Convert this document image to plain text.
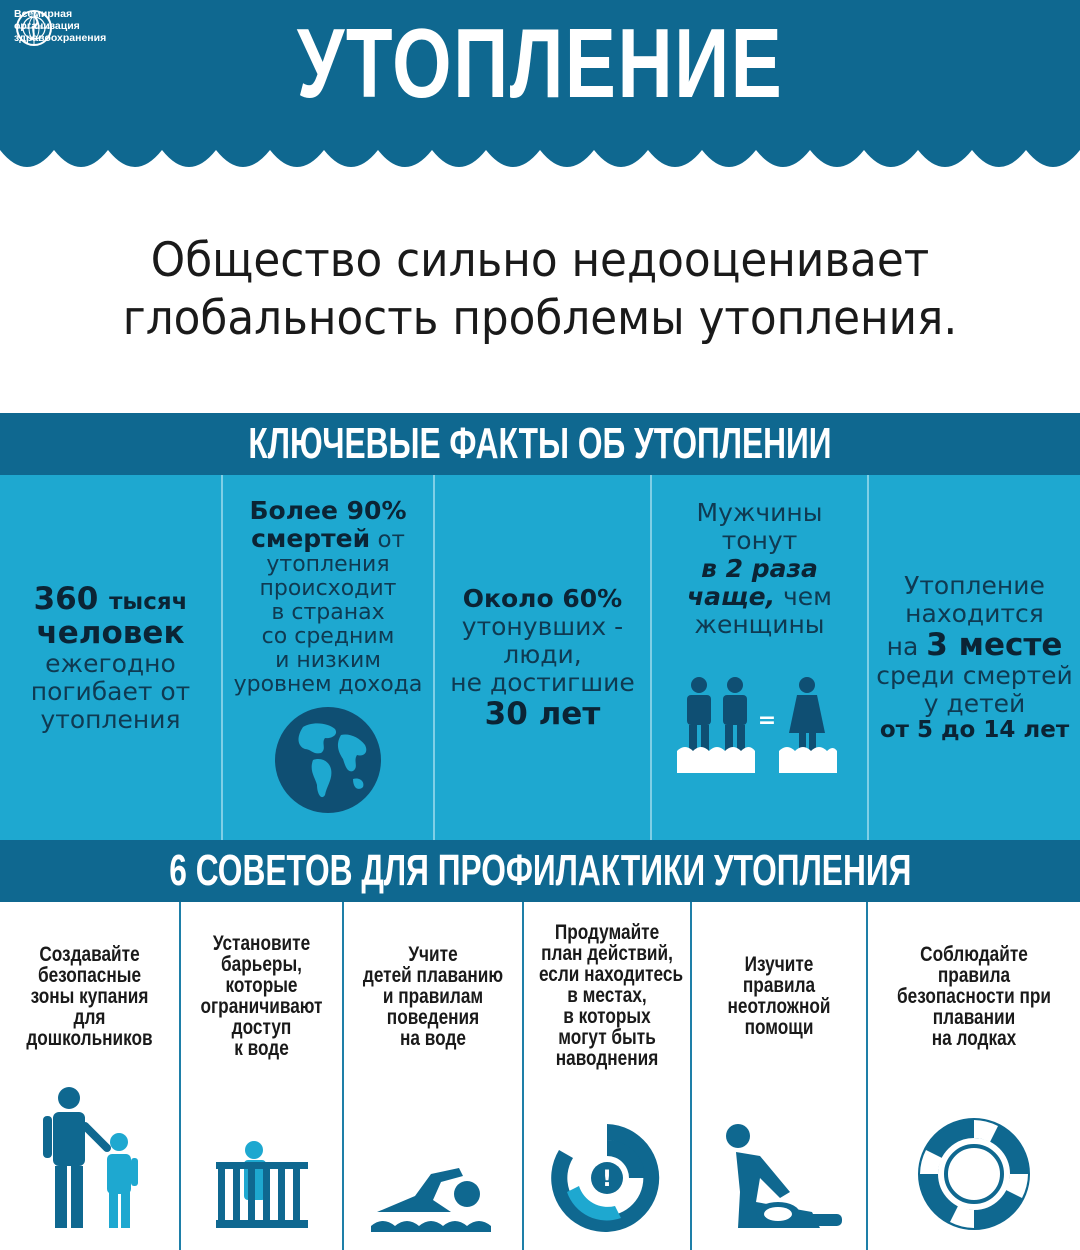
Всемирная организация
здравоохранения	УТОПЛЕНИЕ
Общество сильно недооценивает
глобальность проблемы утопления.
КЛЮЧЕВЫЕ ФАКТЫ ОБ УТОПЛЕНИИ
360 тысяч
человек
ежегодно
погибает от
утопления
Более 90%
смертей от
утопления
происходит
в странах
со средним
и низким
уровнем дохода
Около 60%
утонувших -
люди,
не достигшие
30 лет
Мужчины
тонут
в 2 раза
чаще, чем
женщины
=
Утопление
находится
на 3 месте
среди смертей
у детей
от 5 до 14 лет
6 СОВЕТОВ ДЛЯ ПРОФИЛАКТИКИ УТОПЛЕНИЯ
Создавайте
безопасные
зоны купания
для
дошкольников
Установите
барьеры,
которые
ограничивают
доступ
к воде
Учите
детей плаванию
и правилам
поведения
на воде
Продумайте
план действий,
если находитесь
в местах,
в которых
могут быть
наводнения
!
Изучите
правила
неотложной
помощи
Соблюдайте
правила
безопасности при
плавании
на лодках
